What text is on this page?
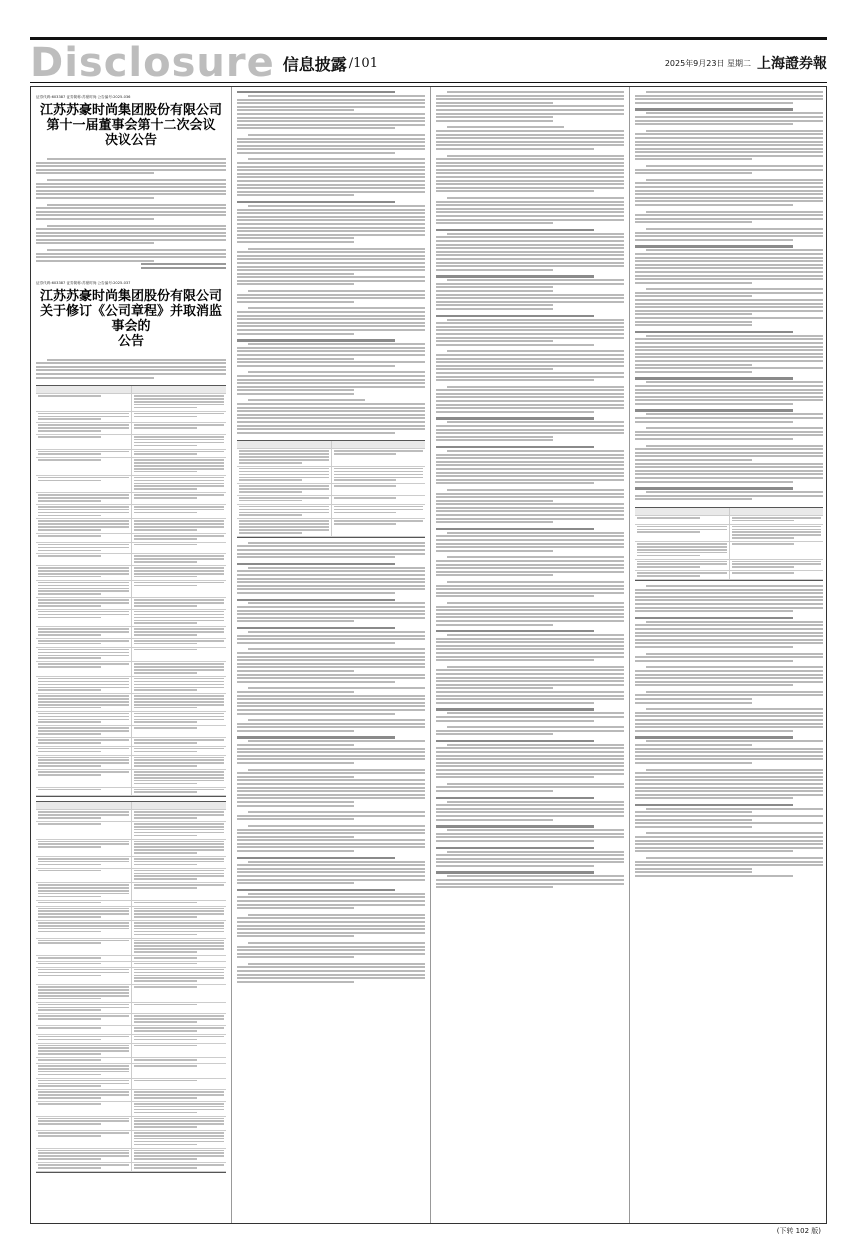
Disclosure 信息披露 /101	2025年9月23日 星期二 上海證券報
证券代码:603387 证券简称:苏豪时尚 公告编号:2025-036

江苏苏豪时尚集团股份有限公司

第十一届董事会第十二次会议

决议公告

证券代码:603387 证券简称:苏豪时尚 公告编号:2025-037

江苏苏豪时尚集团股份有限公司

关于修订《公司章程》并取消监事会的

公告

(下转 102 版)
